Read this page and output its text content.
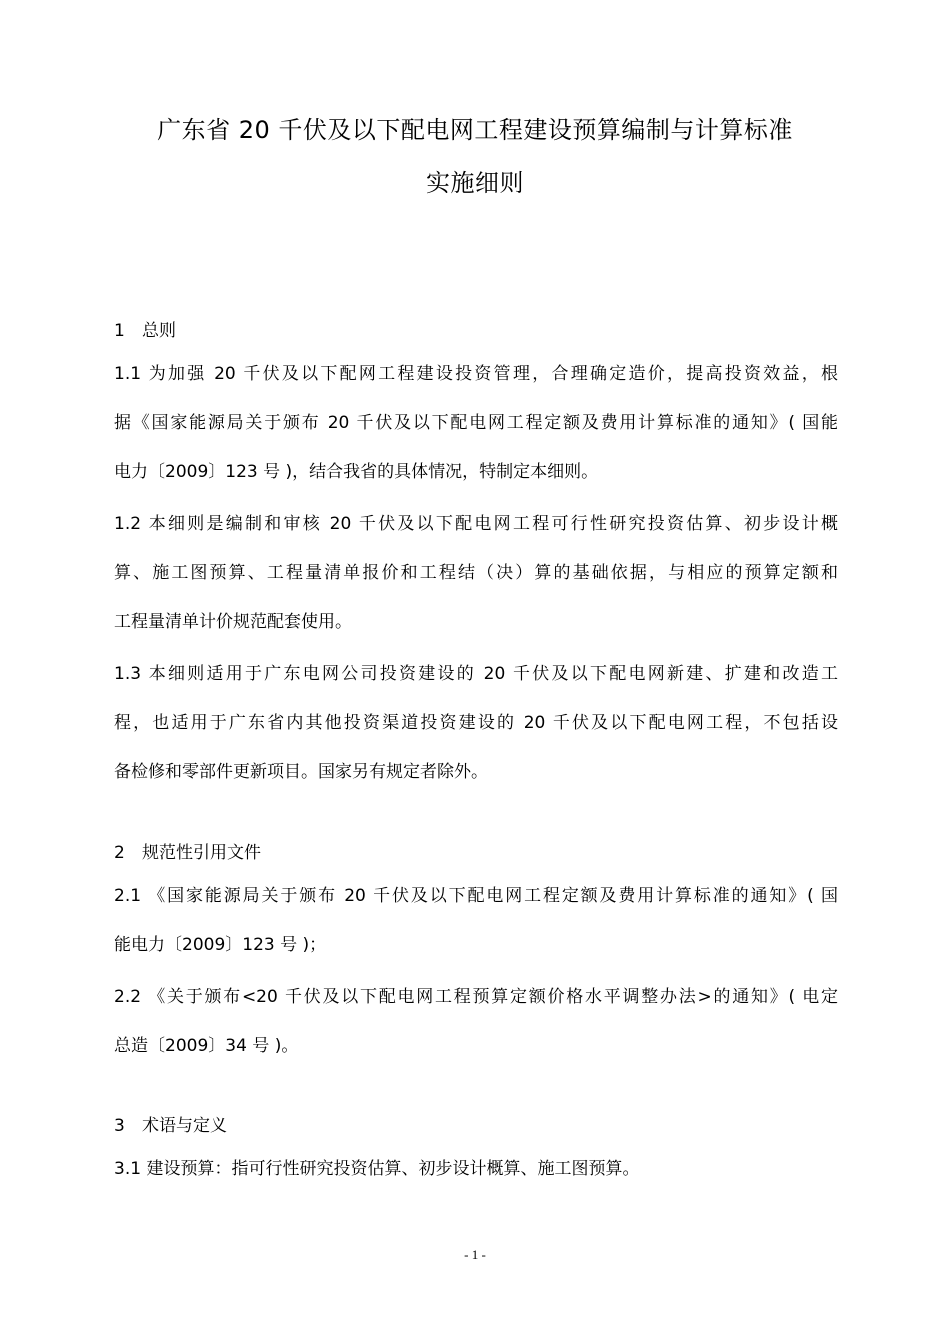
广东省 20 千伏及以下配电网工程建设预算编制与计算标准
实施细则
1 总则
1.1 为加强 20 千伏及以下配网工程建设投资管理，合理确定造价，提高投资效益，根
据《国家能源局关于颁布 20 千伏及以下配电网工程定额及费用计算标准的通知》( 国能
电力〔2009〕123 号 )，结合我省的具体情况，特制定本细则。
1.2 本细则是编制和审核 20 千伏及以下配电网工程可行性研究投资估算、初步设计概
算、施工图预算、工程量清单报价和工程结（决）算的基础依据，与相应的预算定额和
工程量清单计价规范配套使用。
1.3 本细则适用于广东电网公司投资建设的 20 千伏及以下配电网新建、扩建和改造工
程，也适用于广东省内其他投资渠道投资建设的 20 千伏及以下配电网工程，不包括设
备检修和零部件更新项目。国家另有规定者除外。
2 规范性引用文件
2.1 《国家能源局关于颁布 20 千伏及以下配电网工程定额及费用计算标准的通知》( 国
能电力〔2009〕123 号 )；
2.2 《关于颁布<20 千伏及以下配电网工程预算定额价格水平调整办法>的通知》( 电定
总造〔2009〕34 号 )。
3 术语与定义
3.1 建设预算：指可行性研究投资估算、初步设计概算、施工图预算。
- 1 -
